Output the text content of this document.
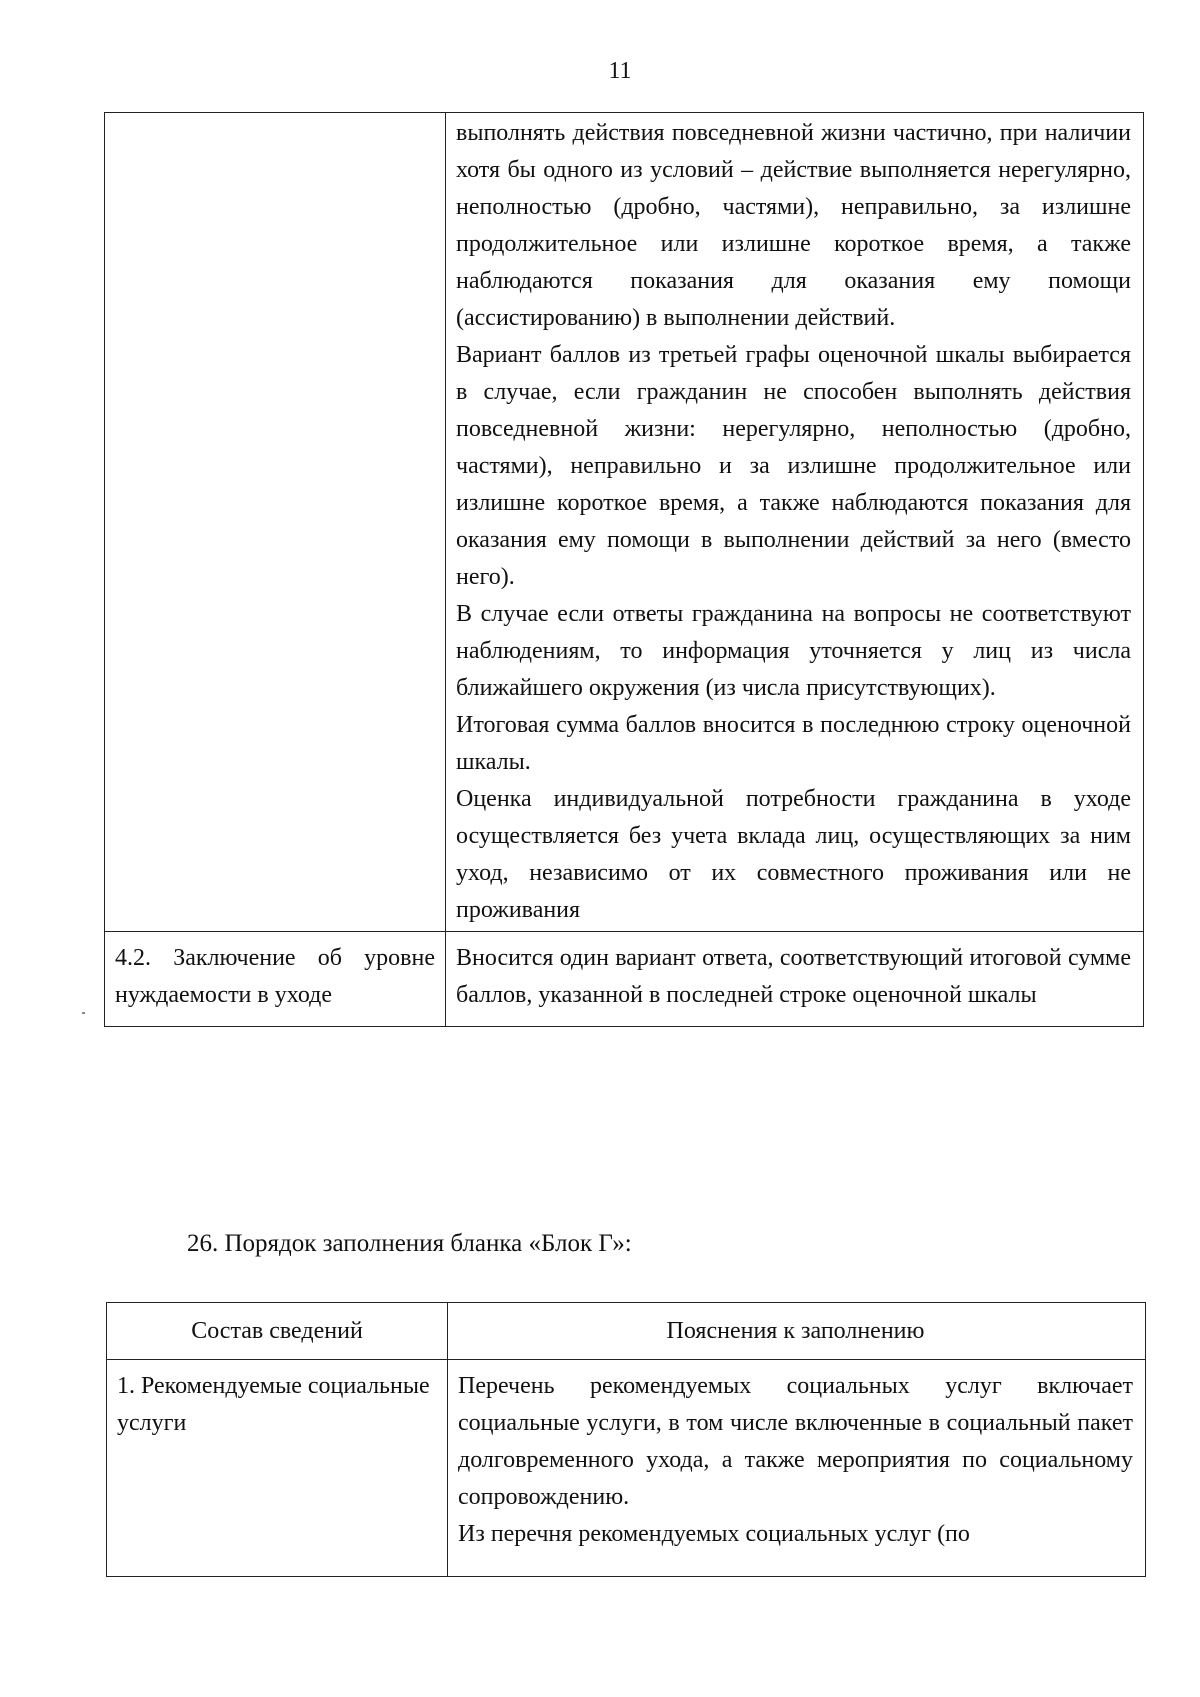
11

	выполнять действия повседневной жизни частично, при наличии хотя бы одного из условий – действие выполняется нерегулярно, неполностью (дробно, частями), неправильно, за излишне продолжительное или излишне короткое время, а также наблюдаются показания для оказания ему помощи (ассистированию) в выполнении действий.

Вариант баллов из третьей графы оценочной шкалы выбирается в случае, если гражданин не способен выполнять действия повседневной жизни: нерегулярно, неполностью (дробно, частями), неправильно и за излишне продолжительное или излишне короткое время, а также наблюдаются показания для оказания ему помощи в выполнении действий за него (вместо него).

В случае если ответы гражданина на вопросы не соответствуют наблюдениям, то информация уточняется у лиц из числа ближайшего окружения (из числа присутствующих).

Итоговая сумма баллов вносится в последнюю строку оценочной шкалы.

Оценка индивидуальной потребности гражданина в уходе осуществляется без учета вклада лиц, осуществляющих за ним уход, независимо от их совместного проживания или не проживания

4.2. Заключение об уровне нуждаемости в уходе	Вносится один вариант ответа, соответствующий итоговой сумме баллов, указанной в последней строке оценочной шкалы

26. Порядок заполнения бланка «Блок Г»:
Состав сведений	Пояснения к заполнению
1. Рекомендуемые социальные услуги	Перечень рекомендуемых социальных услуг включает социальные услуги, в том числе включенные в социальный пакет долговременного ухода, а также мероприятия по социальному сопровождению.

Из перечня рекомендуемых социальных услуг (по
